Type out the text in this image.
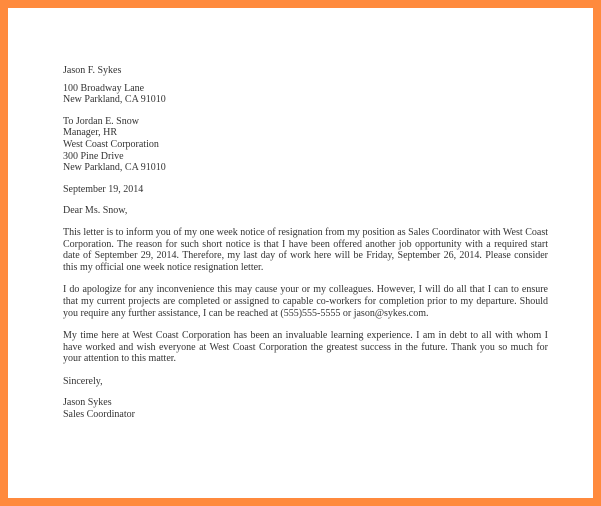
Jason F. Sykes
100 Broadway Lane
New Parkland, CA 91010
To Jordan E. Snow
Manager, HR
West Coast Corporation
300 Pine Drive
New Parkland, CA 91010
September 19, 2014
Dear Ms. Snow,
This letter is to inform you of my one week notice of resignation from my position as Sales Coordinator with West Coast Corporation. The reason for such short notice is that I have been offered another job opportunity with a required start date of September 29, 2014. Therefore, my last day of work here will be Friday, September 26, 2014. Please consider this my official one week notice resignation letter.
I do apologize for any inconvenience this may cause your or my colleagues. However, I will do all that I can to ensure that my current projects are completed or assigned to capable co-workers for completion prior to my departure. Should you require any further assistance, I can be reached at (555)555-5555 or jason@sykes.com.
My time here at West Coast Corporation has been an invaluable learning experience. I am in debt to all with whom I have worked and wish everyone at West Coast Corporation the greatest success in the future. Thank you so much for your attention to this matter.
Sincerely,
Jason Sykes
Sales Coordinator
